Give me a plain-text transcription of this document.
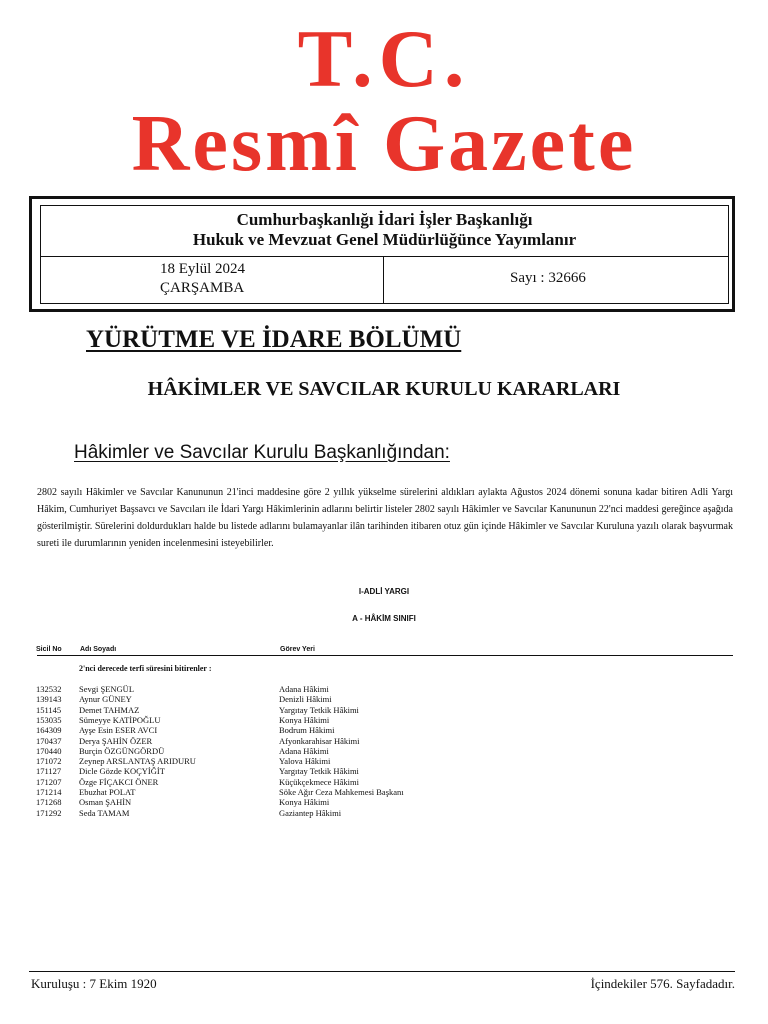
T.C.
Resmî Gazete
Cumhurbaşkanlığı İdari İşler Başkanlığı
Hukuk ve Mevzuat Genel Müdürlüğünce Yayımlanır
18 Eylül 2024
ÇARŞAMBA
Sayı : 32666
YÜRÜTME VE İDARE BÖLÜMÜ
HÂKİMLER VE SAVCILAR KURULU KARARLARI
Hâkimler ve Savcılar Kurulu Başkanlığından:
2802 sayılı Hâkimler ve Savcılar Kanununun 21'inci maddesine göre 2 yıllık yükselme sürelerini aldıkları aylakta Ağustos 2024 dönemi sonuna kadar bitiren Adli Yargı Hâkim, Cumhuriyet Başsavcı ve Savcıları ile İdari Yargı Hâkimlerinin adlarını belirtir listeler 2802 sayılı Hâkimler ve Savcılar Kanununun 22'nci maddesi gereğince aşağıda gösterilmiştir. Sürelerini doldurdukları halde bu listede adlarını bulamayanlar ilân tarihinden itibaren otuz gün içinde Hâkimler ve Savcılar Kuruluna yazılı olarak başvurmak sureti ile durumlarının yeniden incelenmesini isteyebilirler.
I-ADLİ YARGI
A - HÂKİM SINIFI
Sicil No	Adı Soyadı	Görev Yeri
2'nci derecede terfi süresini bitirenler :
132532 Sevgi ŞENGÜL	Adana Hâkimi
139143 Aynur GÜNEY	Denizli Hâkimi
151145 Demet TAHMAZ	Yargıtay Tetkik Hâkimi
153035 Sümeyye KATİPOĞLU	Konya Hâkimi
164309 Ayşe Esin ESER AVCI	Bodrum Hâkimi
170437 Derya ŞAHİN ÖZER	Afyonkarahisar Hâkimi
170440 Burçin ÖZGÜNGÖRDÜ	Adana Hâkimi
171072 Zeynep ARSLANTAŞ ARIDURU	Yalova Hâkimi
171127 Dicle Gözde KOÇYİĞİT	Yargıtay Tetkik Hâkimi
171207 Özge FİÇAKCI ÖNER	Küçükçekmece Hâkimi
171214 Ebuzhat POLAT	Söke Ağır Ceza Mahkemesi Başkanı
171268 Osman ŞAHİN	Konya Hâkimi
171292 Seda TAMAM	Gaziantep Hâkimi
Kuruluşu : 7 Ekim 1920	İçindekiler 576. Sayfadadır.
